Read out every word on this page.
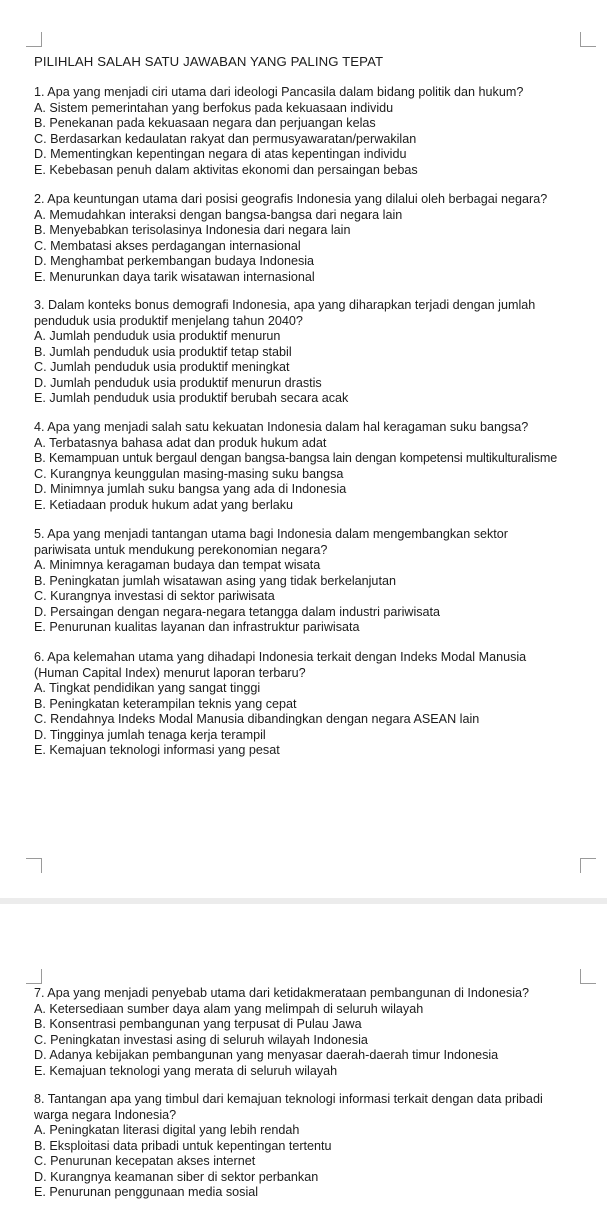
PILIHLAH SALAH SATU JAWABAN YANG PALING TEPAT
1. Apa yang menjadi ciri utama dari ideologi Pancasila dalam bidang politik dan hukum?
A. Sistem pemerintahan yang berfokus pada kekuasaan individu
B. Penekanan pada kekuasaan negara dan perjuangan kelas
C. Berdasarkan kedaulatan rakyat dan permusyawaratan/perwakilan
D. Mementingkan kepentingan negara di atas kepentingan individu
E. Kebebasan penuh dalam aktivitas ekonomi dan persaingan bebas
2. Apa keuntungan utama dari posisi geografis Indonesia yang dilalui oleh berbagai negara?
A. Memudahkan interaksi dengan bangsa-bangsa dari negara lain
B. Menyebabkan terisolasinya Indonesia dari negara lain
C. Membatasi akses perdagangan internasional
D. Menghambat perkembangan budaya Indonesia
E. Menurunkan daya tarik wisatawan internasional
3. Dalam konteks bonus demografi Indonesia, apa yang diharapkan terjadi dengan jumlah penduduk usia produktif menjelang tahun 2040?
A. Jumlah penduduk usia produktif menurun
B. Jumlah penduduk usia produktif tetap stabil
C. Jumlah penduduk usia produktif meningkat
D. Jumlah penduduk usia produktif menurun drastis
E. Jumlah penduduk usia produktif berubah secara acak
4. Apa yang menjadi salah satu kekuatan Indonesia dalam hal keragaman suku bangsa?
A. Terbatasnya bahasa adat dan produk hukum adat
B. Kemampuan untuk bergaul dengan bangsa-bangsa lain dengan kompetensi multikulturalisme
C. Kurangnya keunggulan masing-masing suku bangsa
D. Minimnya jumlah suku bangsa yang ada di Indonesia
E. Ketiadaan produk hukum adat yang berlaku
5. Apa yang menjadi tantangan utama bagi Indonesia dalam mengembangkan sektor pariwisata untuk mendukung perekonomian negara?
A. Minimnya keragaman budaya dan tempat wisata
B. Peningkatan jumlah wisatawan asing yang tidak berkelanjutan
C. Kurangnya investasi di sektor pariwisata
D. Persaingan dengan negara-negara tetangga dalam industri pariwisata
E. Penurunan kualitas layanan dan infrastruktur pariwisata
6. Apa kelemahan utama yang dihadapi Indonesia terkait dengan Indeks Modal Manusia (Human Capital Index) menurut laporan terbaru?
A. Tingkat pendidikan yang sangat tinggi
B. Peningkatan keterampilan teknis yang cepat
C. Rendahnya Indeks Modal Manusia dibandingkan dengan negara ASEAN lain
D. Tingginya jumlah tenaga kerja terampil
E. Kemajuan teknologi informasi yang pesat
7. Apa yang menjadi penyebab utama dari ketidakmerataan pembangunan di Indonesia?
A. Ketersediaan sumber daya alam yang melimpah di seluruh wilayah
B. Konsentrasi pembangunan yang terpusat di Pulau Jawa
C. Peningkatan investasi asing di seluruh wilayah Indonesia
D. Adanya kebijakan pembangunan yang menyasar daerah-daerah timur Indonesia
E. Kemajuan teknologi yang merata di seluruh wilayah
8. Tantangan apa yang timbul dari kemajuan teknologi informasi terkait dengan data pribadi warga negara Indonesia?
A. Peningkatan literasi digital yang lebih rendah
B. Eksploitasi data pribadi untuk kepentingan tertentu
C. Penurunan kecepatan akses internet
D. Kurangnya keamanan siber di sektor perbankan
E. Penurunan penggunaan media sosial
